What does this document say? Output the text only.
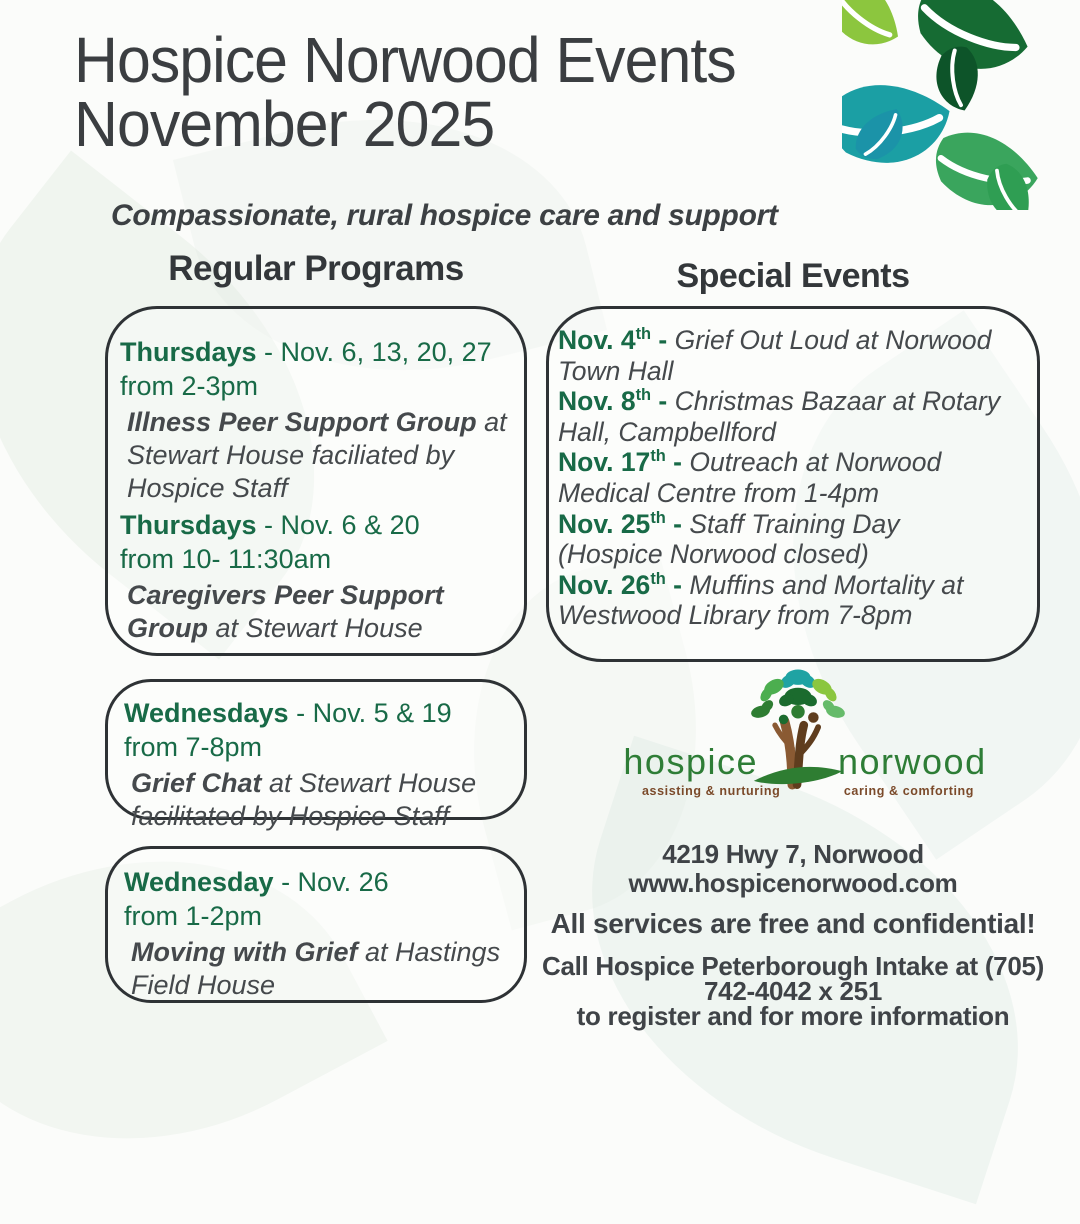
Hospice Norwood Events
November 2025
Compassionate, rural hospice care and support
Regular Programs	Special Events

Thursdays - Nov. 6, 13, 20, 27
from 2-3pm

Illness Peer Support Group at Stewart House faciliated by Hospice Staff

Thursdays - Nov. 6 & 20
from 10- 11:30am

Caregivers Peer Support Group at Stewart House

Wednesdays - Nov. 5 & 19
from 7-8pm

Grief Chat at Stewart House facilitated by Hospice Staff

Wednesday - Nov. 26
from 1-2pm

Moving with Grief at Hastings Field House

Nov. 4th - Grief Out Loud at Norwood Town Hall

Nov. 8th - Christmas Bazaar at Rotary Hall, Campbellford

Nov. 17th - Outreach at Norwood Medical Centre from 1-4pm

Nov. 25th - Staff Training Day (Hospice Norwood closed)

Nov. 26th - Muffins and Mortality at Westwood Library from 7-8pm

hospice norwood
assisting & nurturing	caring & comforting
4219 Hwy 7, Norwood
www.hospicenorwood.com
All services are free and confidential!
Call Hospice Peterborough Intake at (705)
742-4042 x 251
to register and for more information
